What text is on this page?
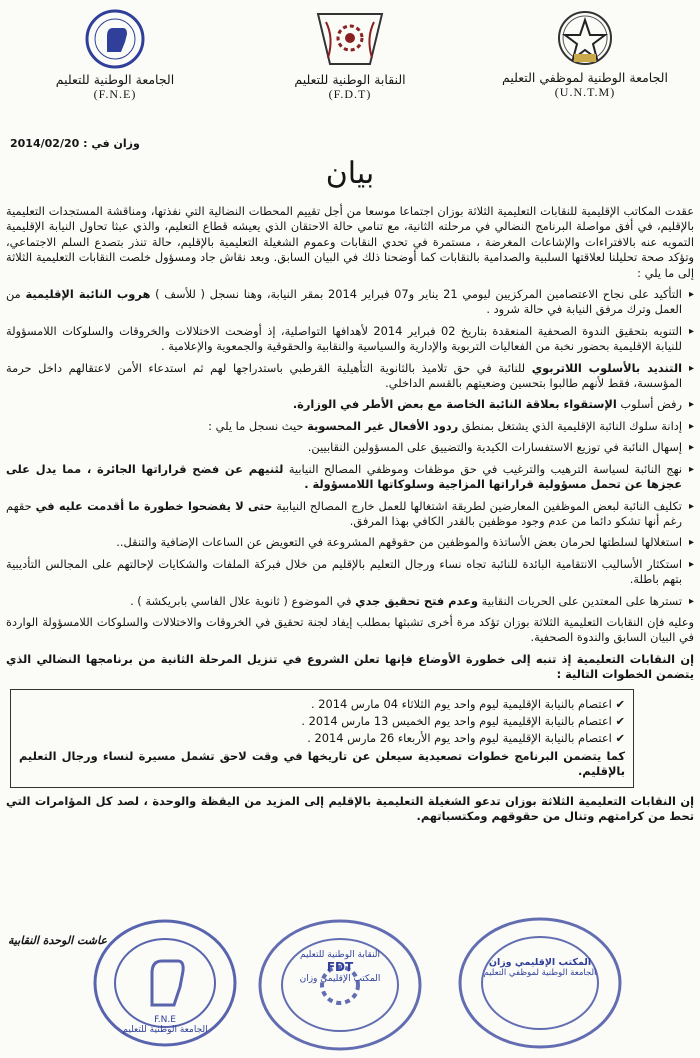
الجامعة الوطنية لموظفي التعليم
(U.N.T.M)
النقابة الوطنية للتعليم
(F.D.T)
الجامعة الوطنية للتعليم
(F.N.E)
وزان في : 2014/02/20
بيان

عقدت المكاتب الإقليمية للنقابات التعليمية الثلاثة بوزان اجتماعا موسعا من أجل تقييم المحطات النضالية التي نفذتها، ومناقشة المستجدات التعليمية بالإقليم، في أفق مواصلة البرنامج النضالي في مرحلته الثانية، مع تنامي حالة الاحتقان الذي يعيشه قطاع التعليم، والذي عبثا تحاول النيابة الإقليمية التمويه عنه بالافتراءات والإشاعات المغرضة ، مستمرة في تحدي النقابات وعموم الشغيلة التعليمية بالإقليم، حالة تنذر بتصدع السلم الاجتماعي، وتؤكد صحة تحليلنا لعلاقتها السلبية والصدامية بالنقابات كما أوضحنا ذلك في البيان السابق. وبعد نقاش جاد ومسؤول خلصت النقابات التعليمية الثلاثة إلى ما يلي :

▸ التأكيد على نجاح الاعتصامين المركزيين ليومي 21 يناير و07 فبراير 2014 بمقر النيابة، وهنا نسجل ( للأسف ) هروب النائبة الإقليمية من العمل وترك مرفق النيابة في حالة شرود .
▸ التنويه بتحقيق الندوة الصحفية المنعقدة بتاريخ 02 فبراير 2014 لأهدافها التواصلية، إذ أوضحت الاختلالات والخروقات والسلوكات اللامسؤولة للنيابة الإقليمية بحضور نخبة من الفعاليات التربوية والإدارية والسياسية والنقابية والحقوقية والجمعوية والإعلامية .
▸ التنديد بالأسلوب اللاتربوي للنائبة في حق تلاميذ بالثانوية التأهيلية القرطبي باستدراجها لهم ثم استدعاء الأمن لاعتقالهم داخل حرمة المؤسسة، فقط لأنهم طالبوا بتحسين وضعيتهم بالقسم الداخلي.
▸ رفض أسلوب الإستقواء بعلاقة النائبة الخاصة مع بعض الأطر في الوزارة.
▸ إدانة سلوك النائبة الإقليمية الذي يشتغل بمنطق ردود الأفعال غير المحسوبة حيث نسجل ما يلي :
▸ إسهال النائبة في توزيع الاستفسارات الكيدية والتضييق على المسؤولين النقابيين.
▸ نهج النائبة لسياسة الترهيب والترغيب في حق موظفات وموظفي المصالح النيابية لثنيهم عن فضح قراراتها الجائرة ، مما يدل على عجزها عن تحمل مسؤولية قراراتها المزاجية وسلوكاتها اللامسؤولة .
▸ تكليف النائبة لبعض الموظفين المعارضين لطريقة اشتغالها للعمل خارج المصالح النيابية حتى لا يفضحوا خطورة ما أقدمت عليه في حقهم رغم أنها تشكو دائما من عدم وجود موظفين بالقدر الكافي بهذا المرفق.
▸ استغلالها لسلطتها لحرمان بعض الأساتذة والموظفين من حقوقهم المشروعة في التعويض عن الساعات الإضافية والتنقل..
▸ استكثار الأساليب الانتقامية البائدة للنائبة تجاه نساء ورجال التعليم بالإقليم من خلال فبركة الملفات والشكايات لإحالتهم على المجالس التأديبية بتهم باطلة.
▸ تسترها على المعتدين على الحريات النقابية وعدم فتح تحقيق جدي في الموضوع ( ثانوية علال الفاسي بابريكشة ) .

وعليه فإن النقابات التعليمية الثلاثة بوزان تؤكد مرة أخرى تشبثها بمطلب إيفاد لجنة تحقيق في الخروقات والاختلالات والسلوكات اللامسؤولة الواردة في البيان السابق والندوة الصحفية.

إن النقابات التعليمية إذ تنبه إلى خطورة الأوضاع فإنها تعلن الشروع في تنزيل المرحلة الثانية من برنامجها النضالي الذي يتضمن الخطوات التالية :

✔ اعتصام بالنيابة الإقليمية ليوم واحد يوم الثلاثاء 04 مارس 2014 .
✔ اعتصام بالنيابة الإقليمية ليوم واحد يوم الخميس 13 مارس 2014 .
✔ اعتصام بالنيابة الإقليمية ليوم واحد يوم الأربعاء 26 مارس 2014 .
كما يتضمن البرنامج خطوات تصعيدية سيعلن عن تاريخها في وقت لاحق تشمل مسيرة لنساء ورجال التعليم بالإقليم.

إن النقابات التعليمية الثلاثة بوزان تدعو الشغيلة التعليمية بالإقليم إلى المزيد من اليقظة والوحدة ، لصد كل المؤامرات التي تحط من كرامتهم وتنال من حقوقهم ومكتسباتهم.

عاشت الوحدة النقابية
F.N.E
الجامعة الوطنية للتعليم
النقابة الوطنية للتعليم
FDT
المكتب الإقليمي وزان
المكتب الإقليمي وزان
الجامعة الوطنية لموظفي التعليم
